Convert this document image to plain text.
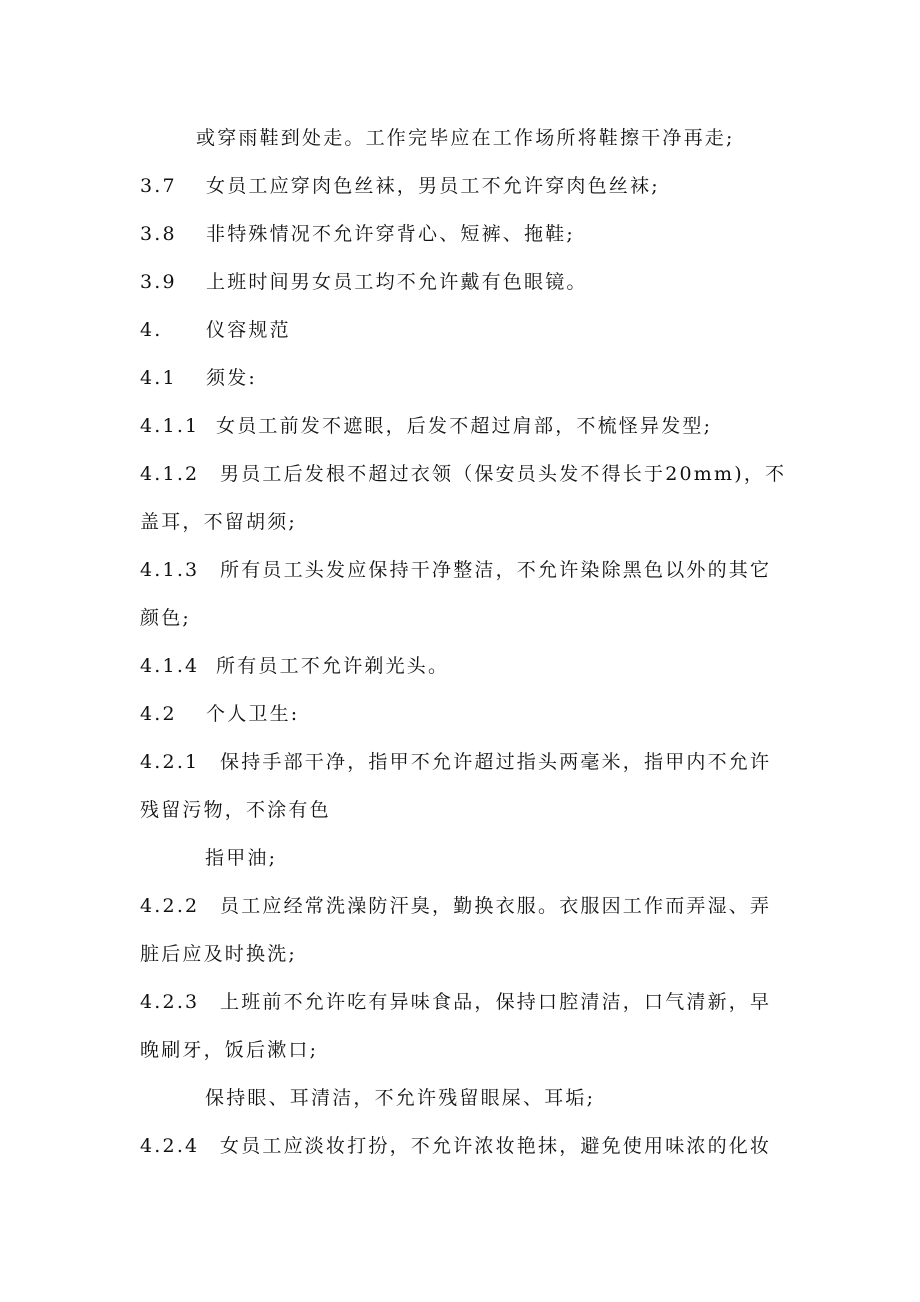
或穿雨鞋到处走。工作完毕应在工作场所将鞋擦干净再走;
3.7 女员工应穿肉色丝袜，男员工不允许穿肉色丝袜;
3.8 非特殊情况不允许穿背心、短裤、拖鞋;
3.9 上班时间男女员工均不允许戴有色眼镜。
4. 仪容规范
4.1 须发:
4.1.1 女员工前发不遮眼，后发不超过肩部，不梳怪异发型;
4.1.2 男员工后发根不超过衣领（保安员头发不得长于20mm)，不
盖耳，不留胡须;
4.1.3 所有员工头发应保持干净整洁，不允许染除黑色以外的其它
颜色;
4.1.4 所有员工不允许剃光头。
4.2 个人卫生:
4.2.1 保持手部干净，指甲不允许超过指头两毫米，指甲内不允许
残留污物，不涂有色
指甲油;
4.2.2 员工应经常洗澡防汗臭，勤换衣服。衣服因工作而弄湿、弄
脏后应及时换洗;
4.2.3 上班前不允许吃有异味食品，保持口腔清洁，口气清新，早
晚刷牙，饭后漱口;
保持眼、耳清洁，不允许残留眼屎、耳垢;
4.2.4 女员工应淡妆打扮，不允许浓妆艳抹，避免使用味浓的化妆
